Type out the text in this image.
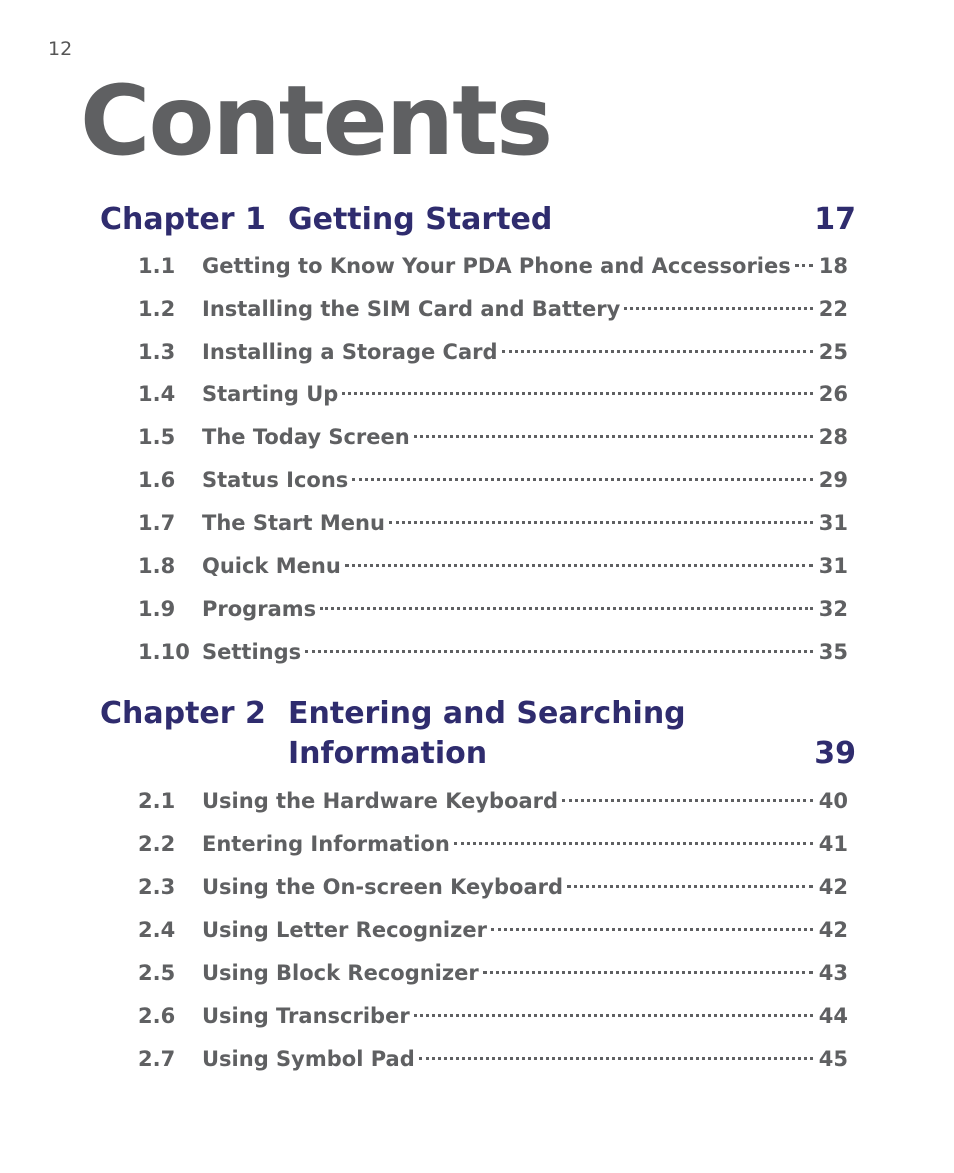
12
Contents
Chapter 1 Getting Started	17
1.1 Getting to Know Your PDA Phone and Accessories 18
1.2 Installing the SIM Card and Battery	22
1.3 Installing a Storage Card	25
1.4 Starting Up	26
1.5 The Today Screen	28
1.6 Status Icons	29
1.7 The Start Menu	31
1.8 Quick Menu	31
1.9 Programs	32
1.10 Settings	35
Chapter 2 Entering and Searching
Information	39
2.1 Using the Hardware Keyboard	40
2.2 Entering Information	41
2.3 Using the On-screen Keyboard	42
2.4 Using Letter Recognizer	42
2.5 Using Block Recognizer	43
2.6 Using Transcriber	44
2.7 Using Symbol Pad	45
